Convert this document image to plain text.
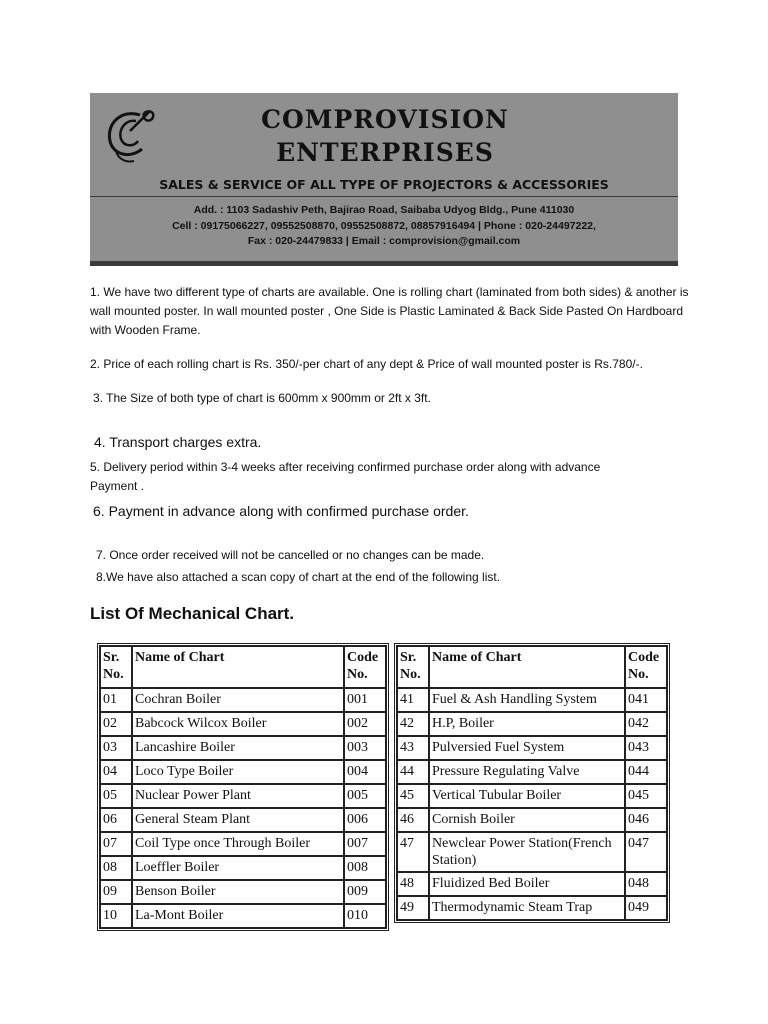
COMPROVISION
ENTERPRISES
SALES & SERVICE OF ALL TYPE OF PROJECTORS & ACCESSORIES
Add. : 1103 Sadashiv Peth, Bajirao Road, Saibaba Udyog Bldg., Pune 411030
Cell : 09175066227, 09552508870, 09552508872, 08857916494 | Phone : 020-24497222,
Fax : 020-24479833 | Email : comprovision@gmail.com
1. We have two different type of charts are available. One is rolling chart (laminated from both sides) & another is wall mounted poster. In wall mounted poster , One Side is Plastic Laminated & Back Side Pasted On Hardboard with Wooden Frame.
2. Price of each rolling chart is Rs. 350/-per chart of any dept & Price of wall mounted poster is Rs.780/-.
3. The Size of both type of chart is 600mm x 900mm or 2ft x 3ft.
4. Transport charges extra.
5. Delivery period within 3-4 weeks after receiving confirmed purchase order along with advance Payment .
6. Payment in advance along with confirmed purchase order.
7. Once order received will not be cancelled or no changes can be made.
8.We have also attached a scan copy of chart at the end of the following list.
List Of Mechanical Chart.
Sr. No.	Name of Chart	Code No.
01	Cochran Boiler	001
02	Babcock Wilcox Boiler	002
03	Lancashire Boiler	003
04	Loco Type Boiler	004
05	Nuclear Power Plant	005
06	General Steam Plant	006
07	Coil Type once Through Boiler	007
08	Loeffler Boiler	008
09	Benson Boiler	009
10	La-Mont Boiler	010
Sr. No.	Name of Chart	Code No.
41	Fuel & Ash Handling System	041
42	H.P, Boiler	042
43	Pulversied Fuel System	043
44	Pressure Regulating Valve	044
45	Vertical Tubular Boiler	045
46	Cornish Boiler	046
47	Newclear Power Station(French Station)	047
48	Fluidized Bed Boiler	048
49	Thermodynamic Steam Trap	049
